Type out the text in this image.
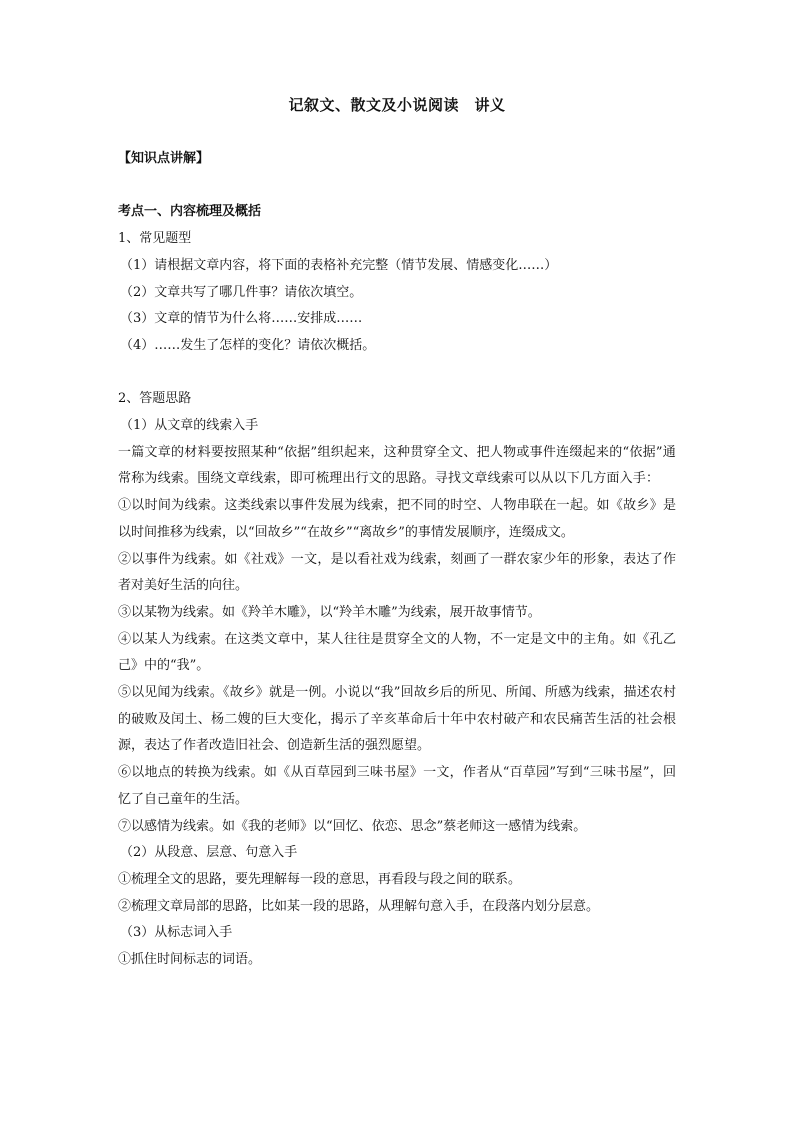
记叙文、散文及小说阅读　讲义

【知识点讲解】

考点一、内容梳理及概括

1、常见题型

（1）请根据文章内容，将下面的表格补充完整（情节发展、情感变化……）

（2）文章共写了哪几件事？请依次填空。

（3）文章的情节为什么将……安排成……

（4）……发生了怎样的变化？请依次概括。

2、答题思路

（1）从文章的线索入手

一篇文章的材料要按照某种“依据”组织起来，这种贯穿全文、把人物或事件连缀起来的“依据”通常称为线索。围绕文章线索，即可梳理出行文的思路。寻找文章线索可以从以下几方面入手：

①以时间为线索。这类线索以事件发展为线索，把不同的时空、人物串联在一起。如《故乡》是以时间推移为线索，以“回故乡”“在故乡”“离故乡”的事情发展顺序，连缀成文。

②以事件为线索。如《社戏》一文，是以看社戏为线索，刻画了一群农家少年的形象，表达了作者对美好生活的向往。

③以某物为线索。如《羚羊木雕》，以“羚羊木雕”为线索，展开故事情节。

④以某人为线索。在这类文章中，某人往往是贯穿全文的人物，不一定是文中的主角。如《孔乙己》中的“我”。

⑤以见闻为线索。《故乡》就是一例。小说以“我”回故乡后的所见、所闻、所感为线索，描述农村的破败及闰土、杨二嫂的巨大变化，揭示了辛亥革命后十年中农村破产和农民痛苦生活的社会根源，表达了作者改造旧社会、创造新生活的强烈愿望。

⑥以地点的转换为线索。如《从百草园到三味书屋》一文，作者从“百草园”写到“三味书屋”，回忆了自己童年的生活。

⑦以感情为线索。如《我的老师》以“回忆、依恋、思念”蔡老师这一感情为线索。

（2）从段意、层意、句意入手

①梳理全文的思路，要先理解每一段的意思，再看段与段之间的联系。

②梳理文章局部的思路，比如某一段的思路，从理解句意入手，在段落内划分层意。

（3）从标志词入手

①抓住时间标志的词语。
